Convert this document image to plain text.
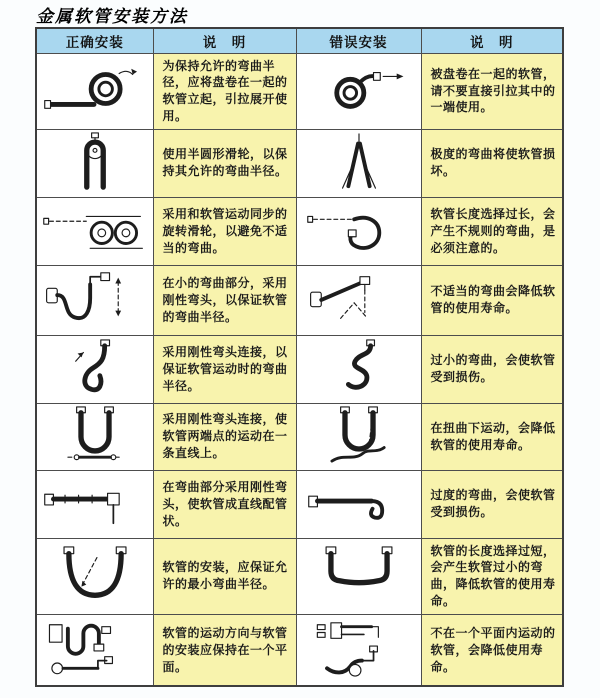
金属软管安装方法
正确安装	说　明	错误安装	说　明

为保持允许的弯曲半径，应将盘卷在一起的软管立起，引拉展开使用。		被盘卷在一起的软管，请不要直接引拉其中的一端使用。

使用半圆形滑轮，以保持其允许的弯曲半径。		极度的弯曲将使软管损坏。

采用和软管运动同步的旋转滑轮，以避免不适当的弯曲。		软管长度选择过长，会产生不规则的弯曲，是必须注意的。

在小的弯曲部分，采用刚性弯头，以保证软管的弯曲半径。		不适当的弯曲会降低软管的使用寿命。

采用刚性弯头连接，以保证软管运动时的弯曲半径。		过小的弯曲，会使软管受到损伤。

采用刚性弯头连接，使软管两端点的运动在一条直线上。		在扭曲下运动，会降低软管的使用寿命。

在弯曲部分采用刚性弯头，使软管成直线配管状。		过度的弯曲，会使软管受到损伤。

软管的安装，应保证允许的最小弯曲半径。		软管的长度选择过短，会产生软管过小的弯曲，降低软管的使用寿命。

软管的运动方向与软管的安装应保持在一个平面。		不在一个平面内运动的软管，会降低使用寿命。
